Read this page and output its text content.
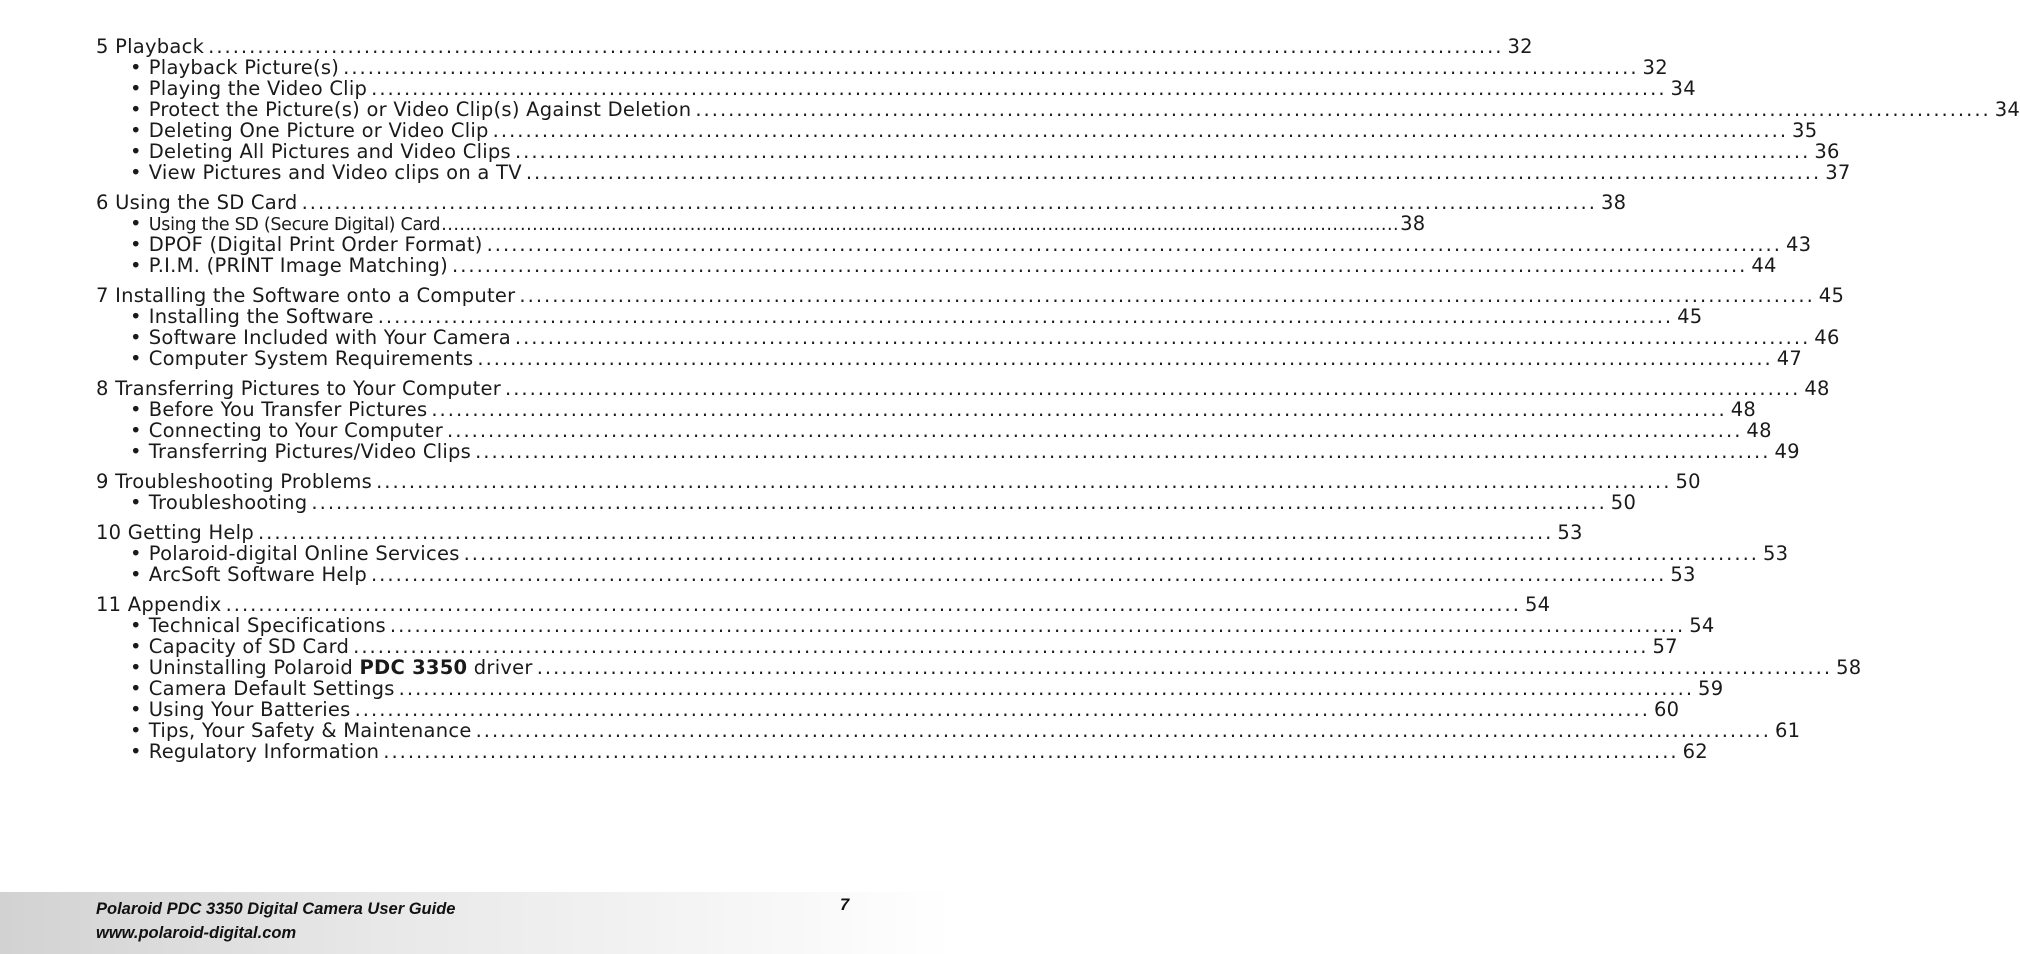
5 Playback .............................................................................................................................................................. 32
• Playback Picture(s) .............................................................................................................................................................. 32
• Playing the Video Clip .............................................................................................................................................................. 34
• Protect the Picture(s) or Video Clip(s) Against Deletion .............................................................................................................................................................. 34
• Deleting One Picture or Video Clip .............................................................................................................................................................. 35
• Deleting All Pictures and Video Clips .............................................................................................................................................................. 36
• View Pictures and Video clips on a TV .............................................................................................................................................................. 37
6 Using the SD Card .............................................................................................................................................................. 38
• Using the SD (Secure Digital) Card .............................................................................................................................................................. 38
• DPOF (Digital Print Order Format) .............................................................................................................................................................. 43
• P.I.M. (PRINT Image Matching) .............................................................................................................................................................. 44
7 Installing the Software onto a Computer .............................................................................................................................................................. 45
• Installing the Software .............................................................................................................................................................. 45
• Software Included with Your Camera .............................................................................................................................................................. 46
• Computer System Requirements .............................................................................................................................................................. 47
8 Transferring Pictures to Your Computer .............................................................................................................................................................. 48
• Before You Transfer Pictures .............................................................................................................................................................. 48
• Connecting to Your Computer .............................................................................................................................................................. 48
• Transferring Pictures/Video Clips .............................................................................................................................................................. 49
9 Troubleshooting Problems .............................................................................................................................................................. 50
• Troubleshooting .............................................................................................................................................................. 50
10 Getting Help .............................................................................................................................................................. 53
• Polaroid-digital Online Services .............................................................................................................................................................. 53
• ArcSoft Software Help .............................................................................................................................................................. 53
11 Appendix .............................................................................................................................................................. 54
• Technical Specifications .............................................................................................................................................................. 54
• Capacity of SD Card .............................................................................................................................................................. 57
• Uninstalling Polaroid PDC 3350 driver .............................................................................................................................................................. 58
• Camera Default Settings .............................................................................................................................................................. 59
• Using Your Batteries .............................................................................................................................................................. 60
• Tips, Your Safety & Maintenance .............................................................................................................................................................. 61
• Regulatory Information .............................................................................................................................................................. 62
Polaroid PDC 3350 Digital Camera User Guide
www.polaroid-digital.com
7
